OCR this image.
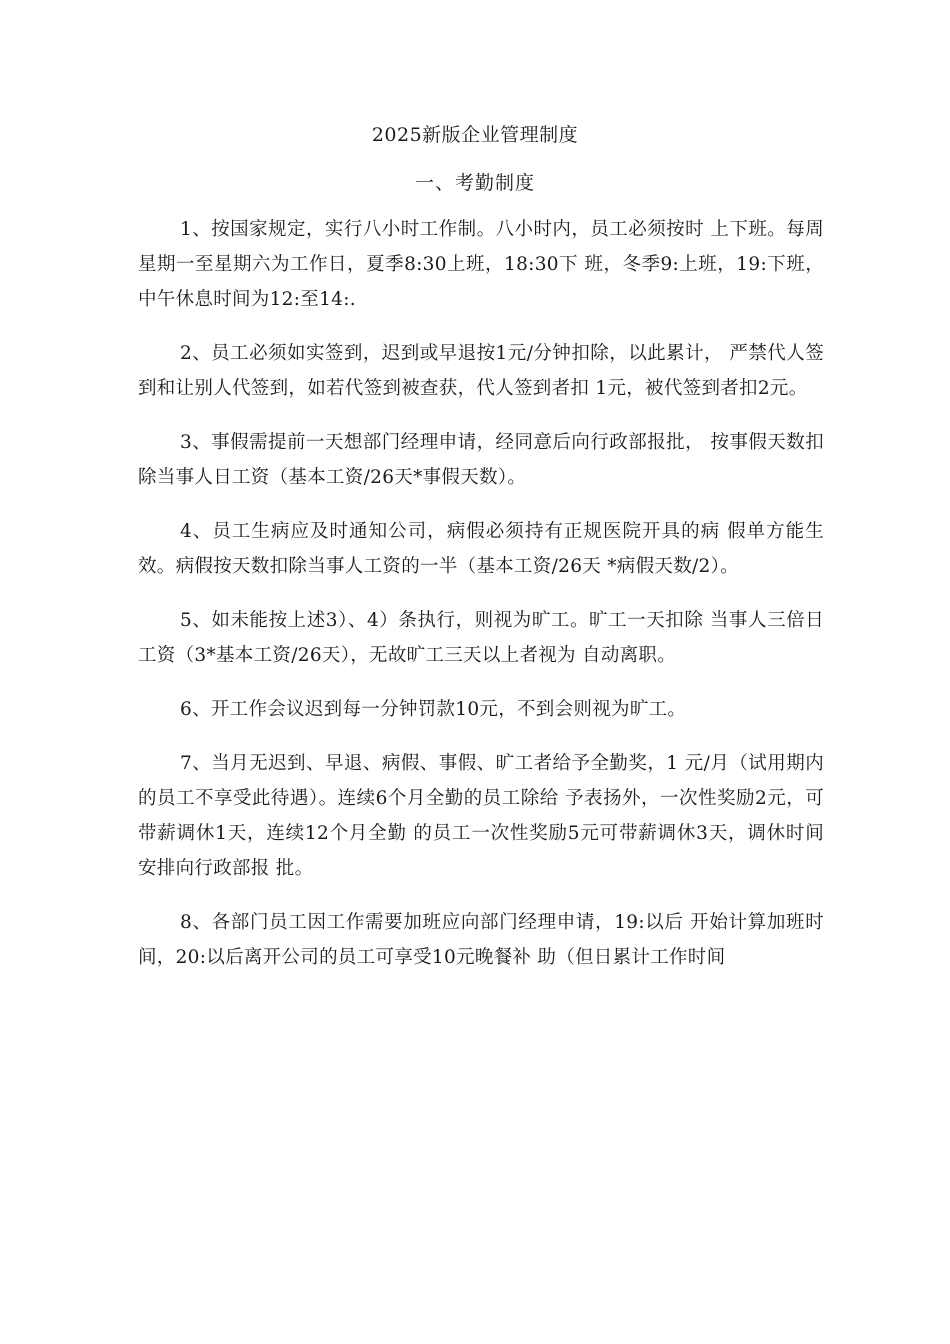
2025新版企业管理制度
一、考勤制度

1、按国家规定，实行八小时工作制。八小时内，员工必须按时 上下班。每周星期一至星期六为工作日，夏季8:30上班，18:30下 班，冬季9:上班，19:下班，中午休息时间为12:至14:.

2、员工必须如实签到，迟到或早退按1元/分钟扣除，以此累计， 严禁代人签到和让别人代签到，如若代签到被查获，代人签到者扣 1元，被代签到者扣2元。

3、事假需提前一天想部门经理申请，经同意后向行政部报批， 按事假天数扣除当事人日工资（基本工资/26天*事假天数）。

4、员工生病应及时通知公司，病假必须持有正规医院开具的病 假单方能生效。病假按天数扣除当事人工资的一半（基本工资/26天 *病假天数/2）。

5、如未能按上述3）、4）条执行，则视为旷工。旷工一天扣除 当事人三倍日工资（3*基本工资/26天），无故旷工三天以上者视为 自动离职。

6、开工作会议迟到每一分钟罚款10元，不到会则视为旷工。

7、当月无迟到、早退、病假、事假、旷工者给予全勤奖，1 元/月（试用期内的员工不享受此待遇）。连续6个月全勤的员工除给 予表扬外，一次性奖励2元，可带薪调休1天，连续12个月全勤 的员工一次性奖励5元可带薪调休3天，调休时间安排向行政部报 批。

8、各部门员工因工作需要加班应向部门经理申请，19:以后 开始计算加班时间，20:以后离开公司的员工可享受10元晚餐补 助（但日累计工作时间
